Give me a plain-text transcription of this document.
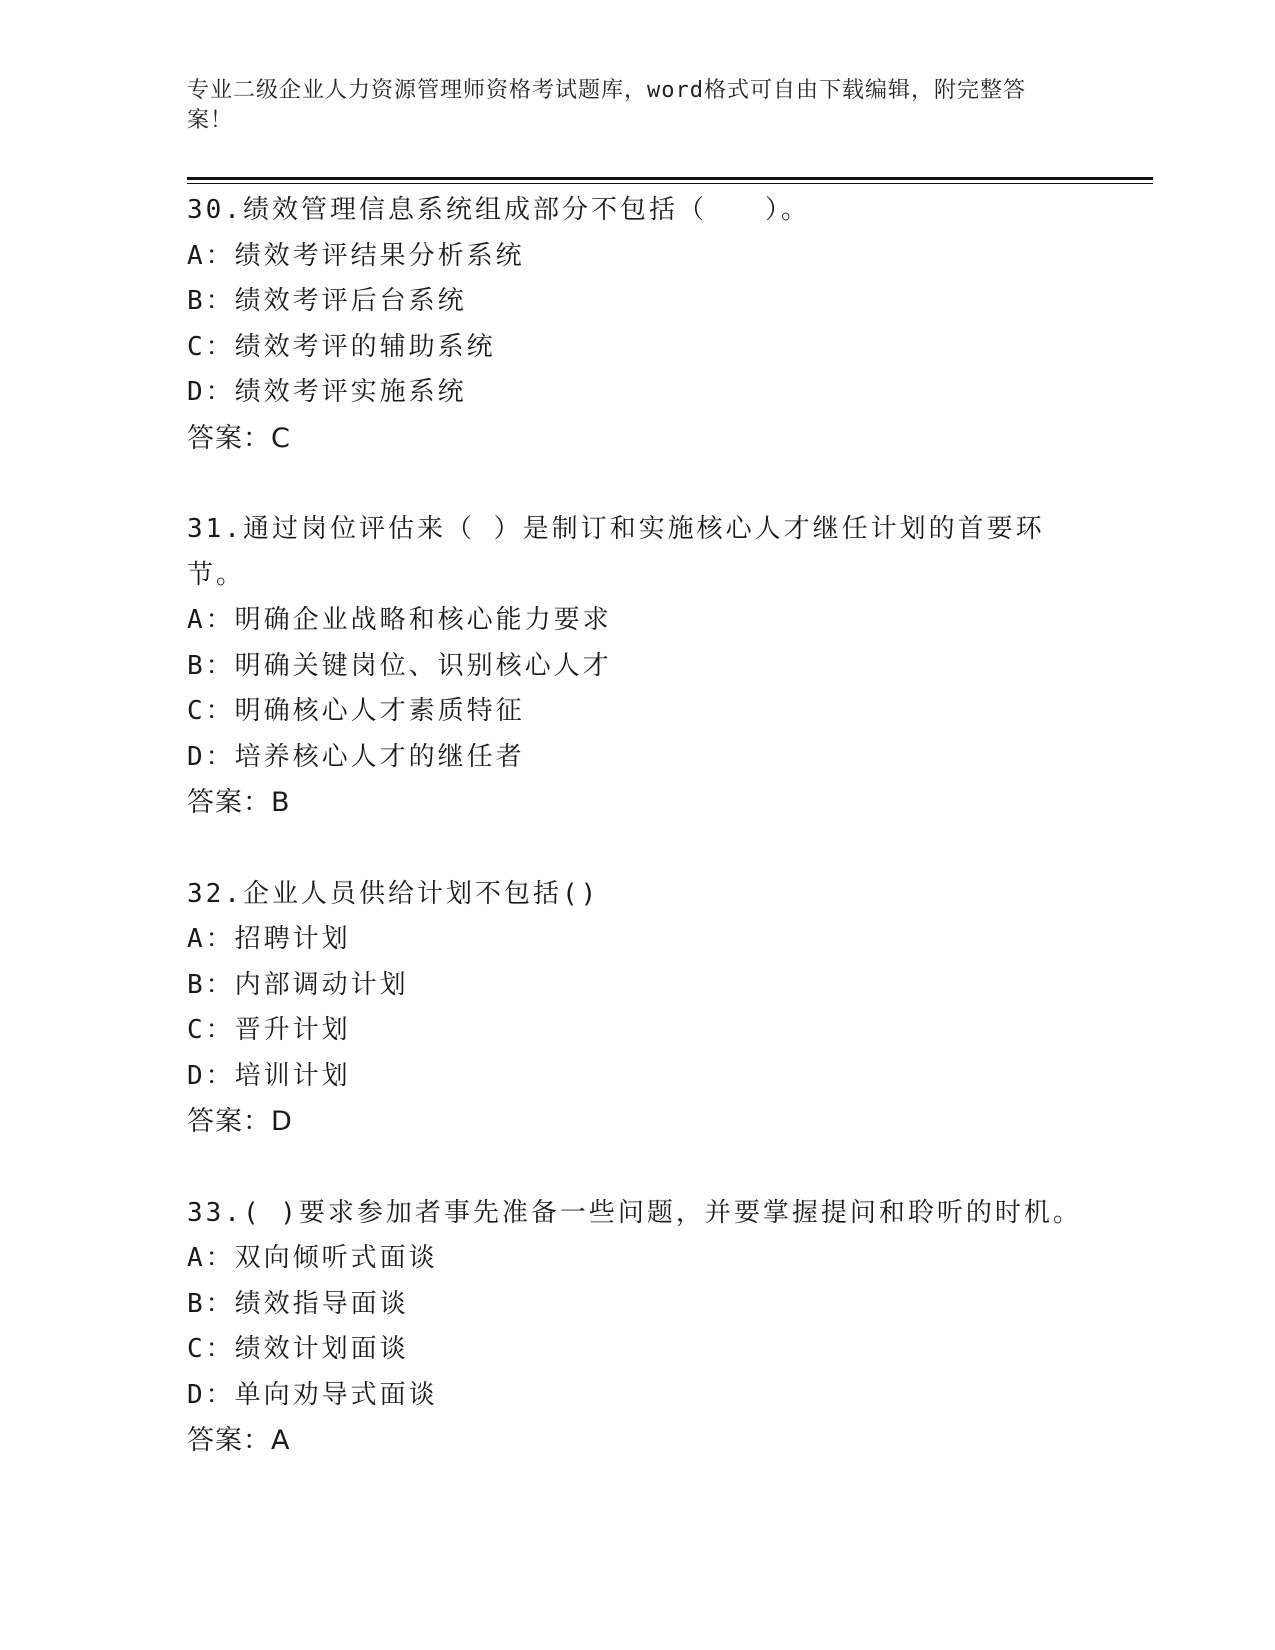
专业二级企业人力资源管理师资格考试题库，word格式可自由下载编辑，附完整答案！

30.绩效管理信息系统组成部分不包括（　　）。

A：绩效考评结果分析系统

B：绩效考评后台系统

C：绩效考评的辅助系统

D：绩效考评实施系统

答案：C

31.通过岗位评估来（ ）是制订和实施核心人才继任计划的首要环节。

A：明确企业战略和核心能力要求

B：明确关键岗位、识别核心人才

C：明确核心人才素质特征

D：培养核心人才的继任者

答案：B

32.企业人员供给计划不包括()

A：招聘计划

B：内部调动计划

C：晋升计划

D：培训计划

答案：D

33.( )要求参加者事先准备一些问题，并要掌握提问和聆听的时机。

A：双向倾听式面谈

B：绩效指导面谈

C：绩效计划面谈

D：单向劝导式面谈

答案：A
